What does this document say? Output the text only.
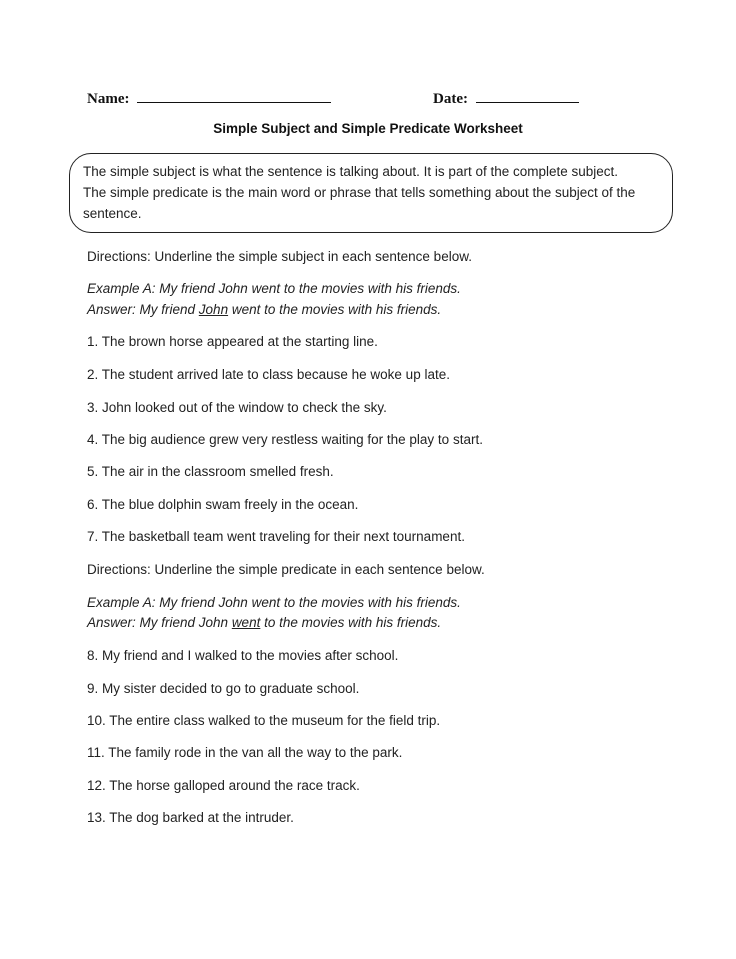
Name:	Date:
Simple Subject and Simple Predicate Worksheet
The simple subject is what the sentence is talking about. It is part of the complete subject.
The simple predicate is the main word or phrase that tells something about the subject of the
sentence.
Directions: Underline the simple subject in each sentence below.
Example A: My friend John went to the movies with his friends.
Answer: My friend John went to the movies with his friends.
1. The brown horse appeared at the starting line.
2. The student arrived late to class because he woke up late.
3. John looked out of the window to check the sky.
4. The big audience grew very restless waiting for the play to start.
5. The air in the classroom smelled fresh.
6. The blue dolphin swam freely in the ocean.
7. The basketball team went traveling for their next tournament.
Directions: Underline the simple predicate in each sentence below.
Example A: My friend John went to the movies with his friends.
Answer: My friend John went to the movies with his friends.
8. My friend and I walked to the movies after school.
9. My sister decided to go to graduate school.
10. The entire class walked to the museum for the field trip.
11. The family rode in the van all the way to the park.
12. The horse galloped around the race track.
13. The dog barked at the intruder.
